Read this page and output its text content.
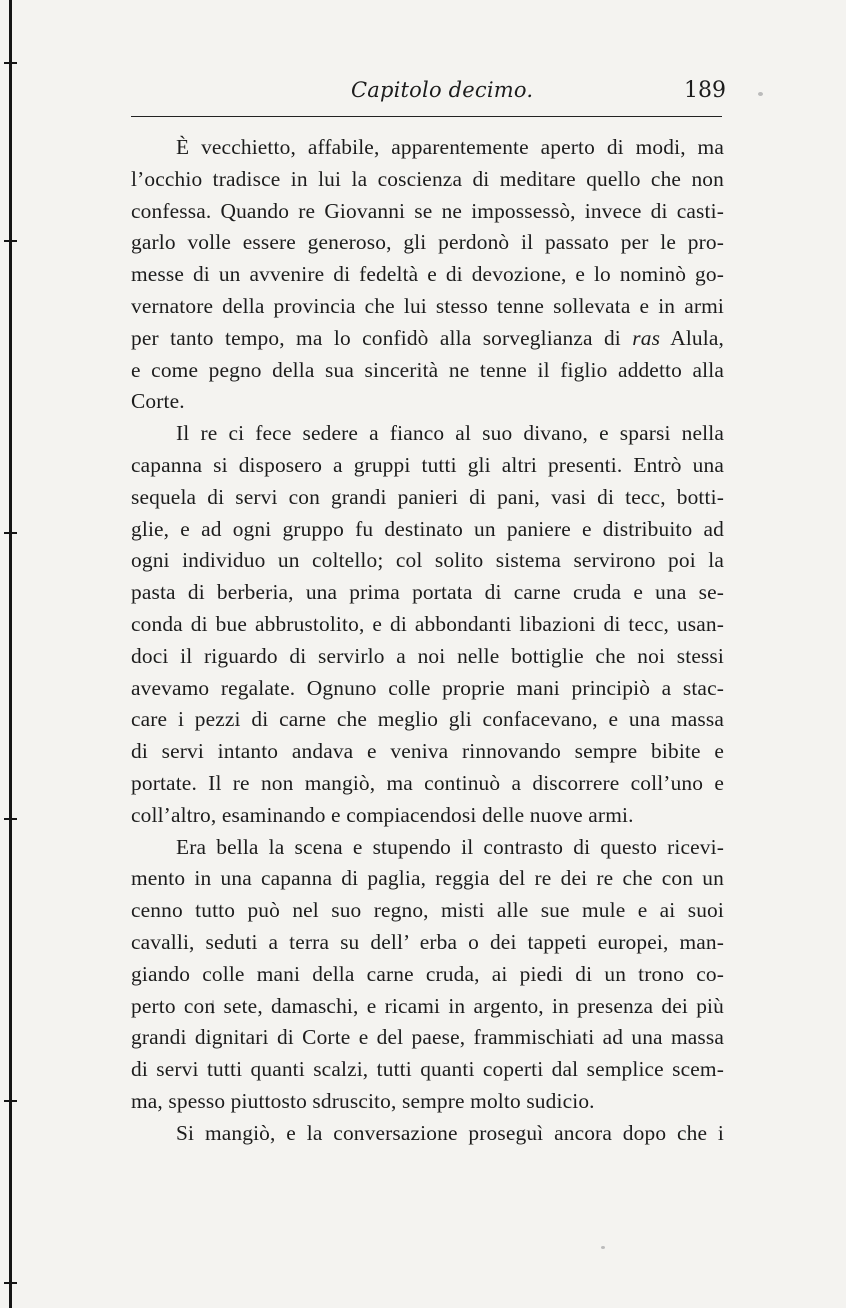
Capitolo decimo.	189
È vecchietto, affabile, apparentemente aperto di modi, ma
l’occhio tradisce in lui la coscienza di meditare quello che non
confessa. Quando re Giovanni se ne impossessò, invece di casti-
garlo volle essere generoso, gli perdonò il passato per le pro-
messe di un avvenire di fedeltà e di devozione, e lo nominò go-
vernatore della provincia che lui stesso tenne sollevata e in armi
per tanto tempo, ma lo confidò alla sorveglianza di ras Alula,
e come pegno della sua sincerità ne tenne il figlio addetto alla
Corte.
Il re ci fece sedere a fianco al suo divano, e sparsi nella
capanna si disposero a gruppi tutti gli altri presenti. Entrò una
sequela di servi con grandi panieri di pani, vasi di tecc, botti-
glie, e ad ogni gruppo fu destinato un paniere e distribuito ad
ogni individuo un coltello; col solito sistema servirono poi la
pasta di berberia, una prima portata di carne cruda e una se-
conda di bue abbrustolito, e di abbondanti libazioni di tecc, usan-
doci il riguardo di servirlo a noi nelle bottiglie che noi stessi
avevamo regalate. Ognuno colle proprie mani principiò a stac-
care i pezzi di carne che meglio gli confacevano, e una massa
di servi intanto andava e veniva rinnovando sempre bibite e
portate. Il re non mangiò, ma continuò a discorrere coll’uno e
coll’altro, esaminando e compiacendosi delle nuove armi.
Era bella la scena e stupendo il contrasto di questo ricevi-
mento in una capanna di paglia, reggia del re dei re che con un
cenno tutto può nel suo regno, misti alle sue mule e ai suoi
cavalli, seduti a terra su dell’ erba o dei tappeti europei, man-
giando colle mani della carne cruda, ai piedi di un trono co-
perto con sete, damaschi, e ricami in argento, in presenza dei più
grandi dignitari di Corte e del paese, frammischiati ad una massa
di servi tutti quanti scalzi, tutti quanti coperti dal semplice scem-
ma, spesso piuttosto sdruscito, sempre molto sudicio.
Si mangiò, e la conversazione proseguì ancora dopo che i
